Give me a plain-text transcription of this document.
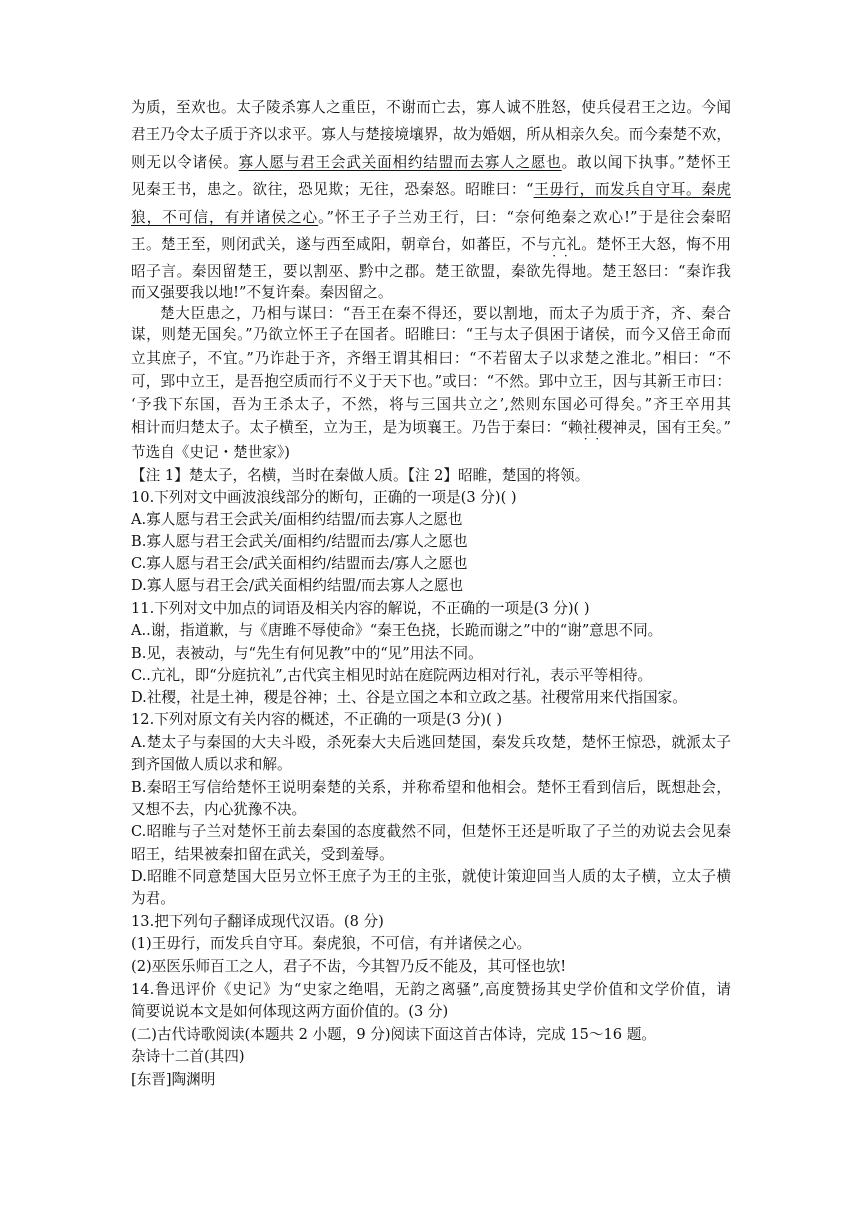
为质，至欢也。太子陵杀寡人之重臣，不谢而亡去，寡人诚不胜怒，使兵侵君王之边。今闻
君王乃令太子质于齐以求平。寡人与楚接境壤界，故为婚姻，所从相亲久矣。而今秦楚不欢，
则无以令诸侯。寡人愿与君王会武关面相约结盟而去寡人之愿也。敢以闻下执事。”楚怀王
见秦王书，患之。欲往，恐见欺；无往，恐秦怒。昭睢曰：“王毋行，而发兵自守耳。秦虎
狼，不可信，有并诸侯之心。”怀王子子兰劝王行，曰：“奈何绝秦之欢心!”于是往会秦昭
王。楚王至，则闭武关，遂与西至咸阳，朝章台，如蕃臣，不与亢礼 · ·。楚怀王大怒，悔不用
昭子言。秦因留楚王，要以割巫、黔中之郡。楚王欲盟，秦欲先得地。楚王怒曰：“秦诈我
而又强要我以地!”不复许秦。秦因留之。
楚大臣患之，乃相与谋曰：“吾王在秦不得还，要以割地，而太子为质于齐，齐、秦合
谋，则楚无国矣。”乃欲立怀王子在国者。昭睢曰：“王与太子俱困于诸侯，而今又倍王命而
立其庶子，不宜。”乃诈赴于齐，齐缗王谓其相曰：“不若留太子以求楚之淮北。”相曰：“不
可，郢中立王，是吾抱空质而行不义于天下也。”或曰：“不然。郢中立王，因与其新王市曰：
‘予我下东国，吾为王杀太子，不然，将与三国共立之’,然则东国必可得矣。”齐王卒用其
相计而归楚太子。太子横至，立为王，是为顷襄王。乃告于秦曰：“赖社稷 · ·神灵，国有王矣。”
节选自《史记・楚世家》)
【注 1】楚太子，名横，当时在秦做人质。【注 2】昭睢，楚国的将领。
10.下列对文中画波浪线部分的断句，正确的一项是(3 分)( )
A.寡人愿与君王会武关/面相约结盟/而去寡人之愿也
B.寡人愿与君王会武关/面相约/结盟而去/寡人之愿也
C.寡人愿与君王会/武关面相约/结盟而去/寡人之愿也
D.寡人愿与君王会/武关面相约结盟/而去寡人之愿也
11.下列对文中加点的词语及相关内容的解说，不正确的一项是(3 分)( )
A..谢，指道歉，与《唐雎不辱使命》“秦王色挠，长跪而谢之”中的“谢”意思不同。
B.见，表被动，与“先生有何见教”中的“见”用法不同。
C..亢礼，即“分庭抗礼”,古代宾主相见时站在庭院两边相对行礼，表示平等相待。
D.社稷，社是土神，稷是谷神；土、谷是立国之本和立政之基。社稷常用来代指国家。
12.下列对原文有关内容的概述，不正确的一项是(3 分)( )
A.楚太子与秦国的大夫斗殴，杀死秦大夫后逃回楚国，秦发兵攻楚，楚怀王惊恐，就派太子
到齐国做人质以求和解。
B.秦昭王写信给楚怀王说明秦楚的关系，并称希望和他相会。楚怀王看到信后，既想赴会，
又想不去，内心犹豫不决。
C.昭睢与子兰对楚怀王前去秦国的态度截然不同，但楚怀王还是听取了子兰的劝说去会见秦
昭王，结果被秦扣留在武关，受到羞辱。
D.昭睢不同意楚国大臣另立怀王庶子为王的主张，就使计策迎回当人质的太子横，立太子横
为君。
13.把下列句子翻译成现代汉语。(8 分)
(1)王毋行，而发兵自守耳。秦虎狼，不可信，有并诸侯之心。
(2)巫医乐师百工之人，君子不齿，今其智乃反不能及，其可怪也欤!
14.鲁迅评价《史记》为“史家之绝唱，无韵之离骚”,高度赞扬其史学价值和文学价值，请
简要说说本文是如何体现这两方面价值的。(3 分)
(二)古代诗歌阅读(本题共 2 小题，9 分)阅读下面这首古体诗，完成 15～16 题。
杂诗十二首(其四)
[东晋]陶渊明
